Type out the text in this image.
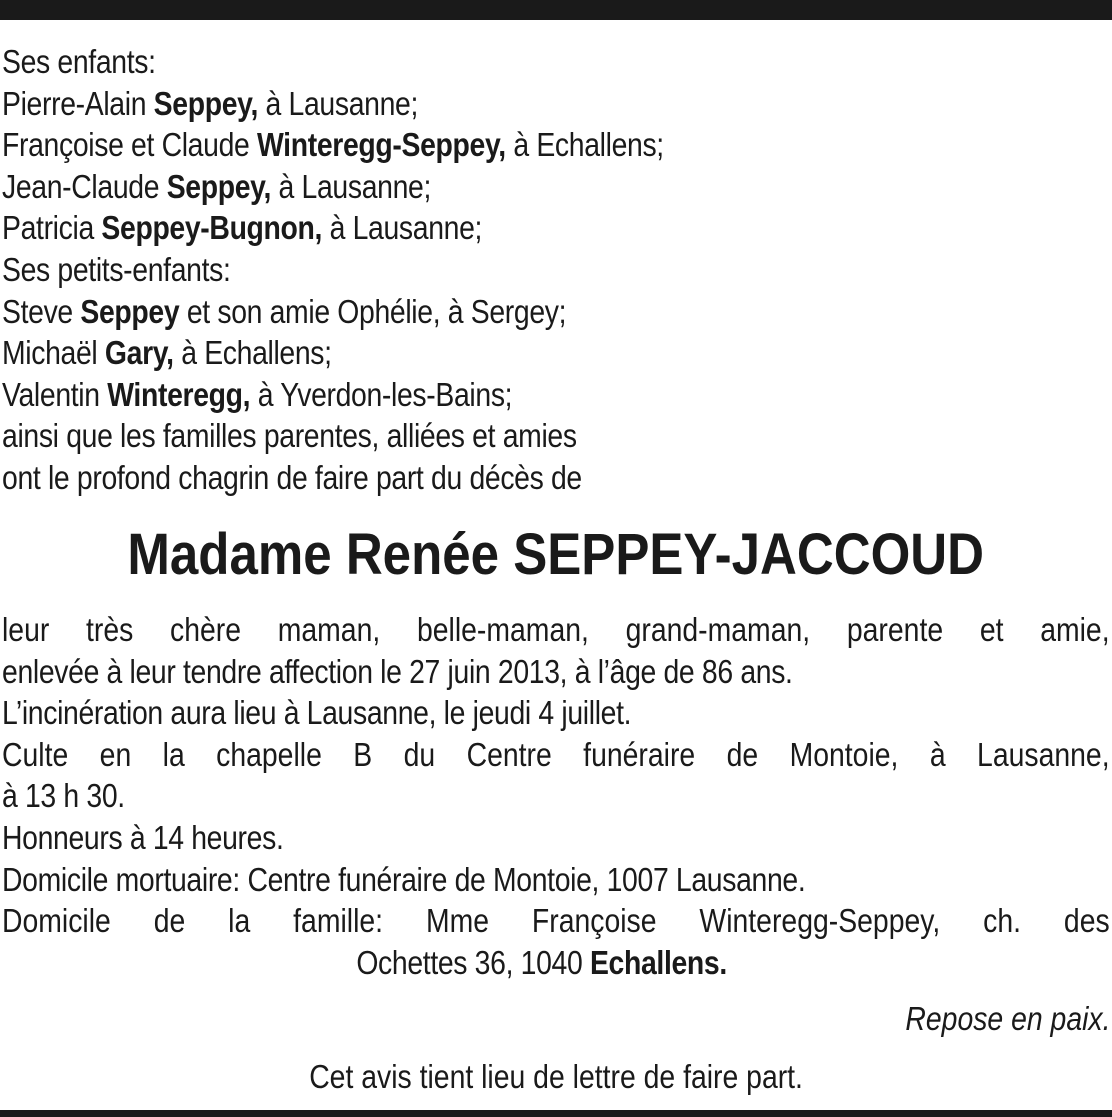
Ses enfants:
Pierre-Alain Seppey, à Lausanne;
Françoise et Claude Winteregg-Seppey, à Echallens;
Jean-Claude Seppey, à Lausanne;
Patricia Seppey-Bugnon, à Lausanne;
Ses petits-enfants:
Steve Seppey et son amie Ophélie, à Sergey;
Michaël Gary, à Echallens;
Valentin Winteregg, à Yverdon-les-Bains;
ainsi que les familles parentes, alliées et amies
ont le profond chagrin de faire part du décès de
Madame Renée SEPPEY-JACCOUD
leur très chère maman, belle-maman, grand-maman, parente et amie,
enlevée à leur tendre affection le 27 juin 2013, à l’âge de 86 ans.
L’incinération aura lieu à Lausanne, le jeudi 4 juillet.
Culte en la chapelle B du Centre funéraire de Montoie, à Lausanne,
à 13 h 30.
Honneurs à 14 heures.
Domicile mortuaire: Centre funéraire de Montoie, 1007 Lausanne.
Domicile de la famille: Mme Françoise Winteregg-Seppey, ch. des
Ochettes 36, 1040 Echallens.
Repose en paix.
Cet avis tient lieu de lettre de faire part.
